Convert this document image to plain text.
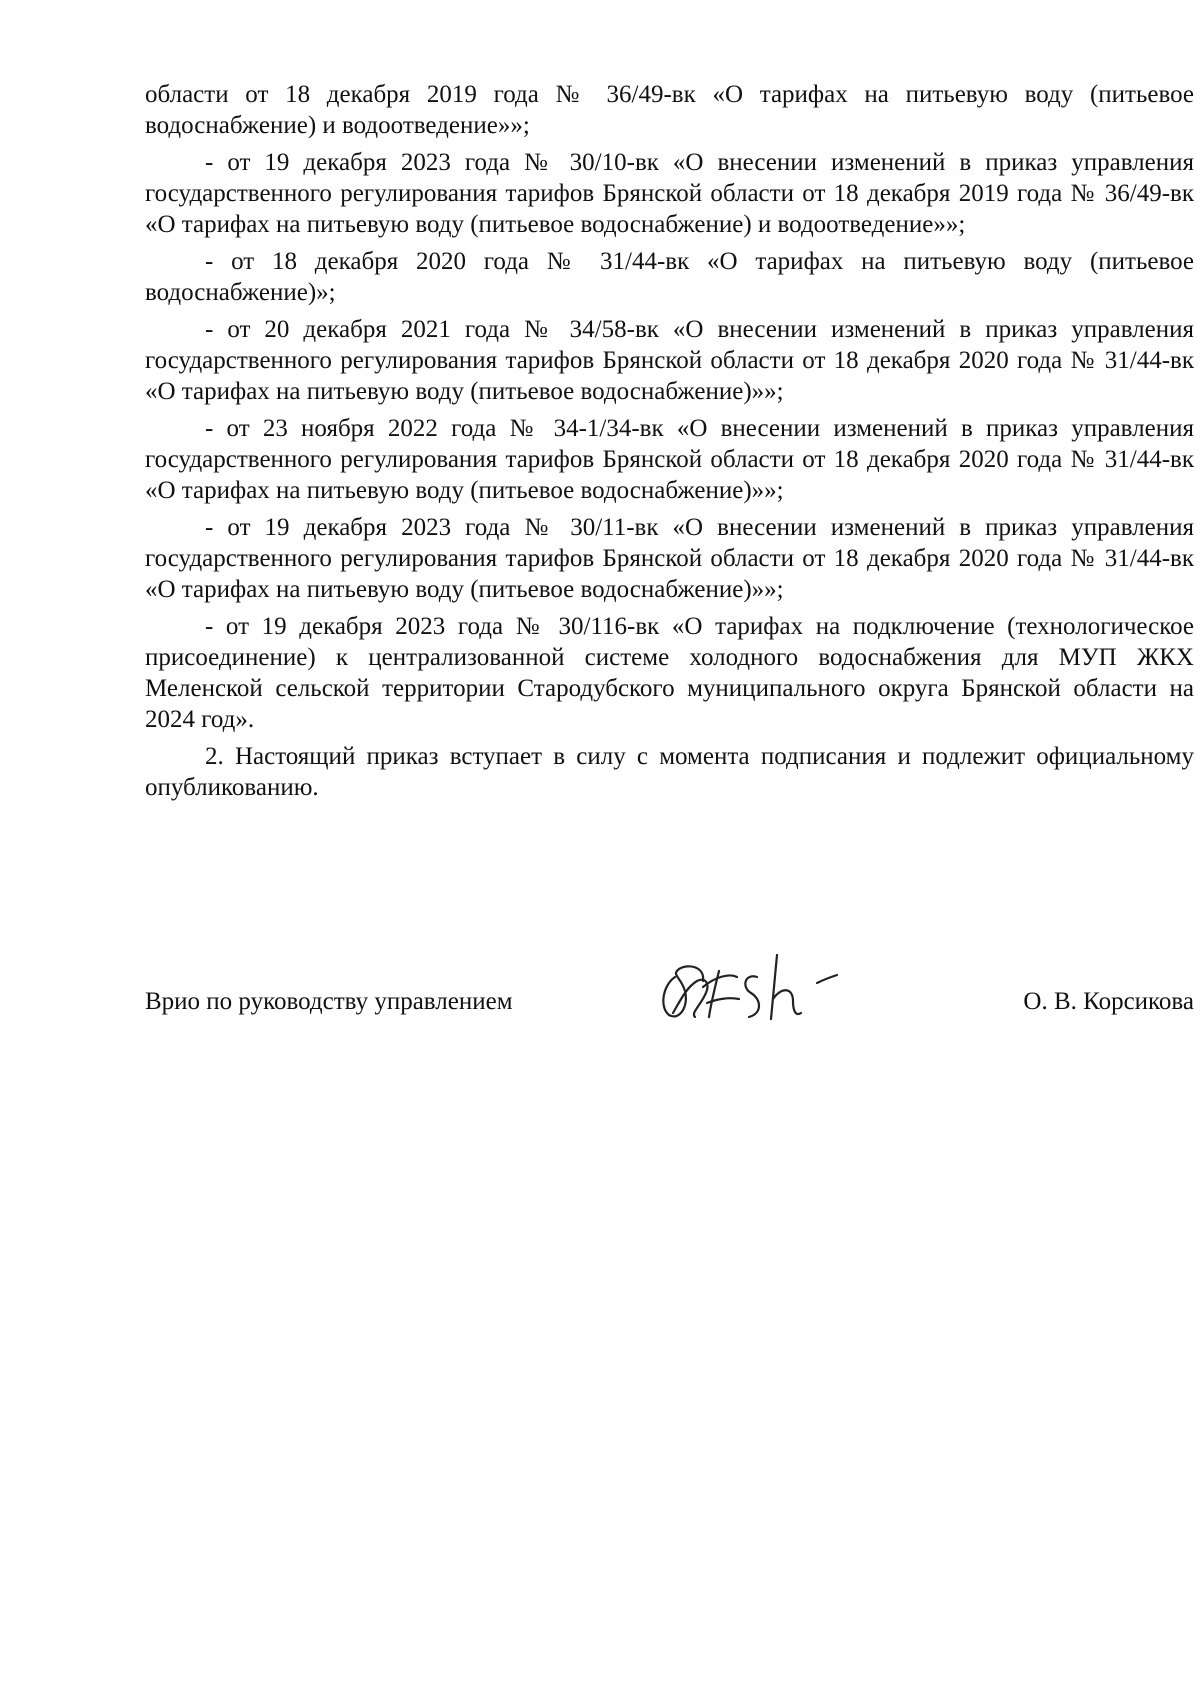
области от 18 декабря 2019 года № 36/49-вк «О тарифах на питьевую воду (питьевое водоснабжение) и водоотведение»»;

- от 19 декабря 2023 года № 30/10-вк «О внесении изменений в приказ управления государственного регулирования тарифов Брянской области от 18 декабря 2019 года № 36/49-вк «О тарифах на питьевую воду (питьевое водоснабжение) и водоотведение»»;

- от 18 декабря 2020 года № 31/44-вк «О тарифах на питьевую воду (питьевое водоснабжение)»;

- от 20 декабря 2021 года № 34/58-вк «О внесении изменений в приказ управления государственного регулирования тарифов Брянской области от 18 декабря 2020 года № 31/44-вк «О тарифах на питьевую воду (питьевое водоснабжение)»»;

- от 23 ноября 2022 года № 34-1/34-вк «О внесении изменений в приказ управления государственного регулирования тарифов Брянской области от 18 декабря 2020 года № 31/44-вк «О тарифах на питьевую воду (питьевое водоснабжение)»»;

- от 19 декабря 2023 года № 30/11-вк «О внесении изменений в приказ управления государственного регулирования тарифов Брянской области от 18 декабря 2020 года № 31/44-вк «О тарифах на питьевую воду (питьевое водоснабжение)»»;

- от 19 декабря 2023 года № 30/116-вк «О тарифах на подключение (технологическое присоединение) к централизованной системе холодного водоснабжения для МУП ЖКХ Меленской сельской территории Стародубского муниципального округа Брянской области на 2024 год».

2. Настоящий приказ вступает в силу с момента подписания и подлежит официальному опубликованию.

Врио по руководству управлением	О. В. Корсикова
